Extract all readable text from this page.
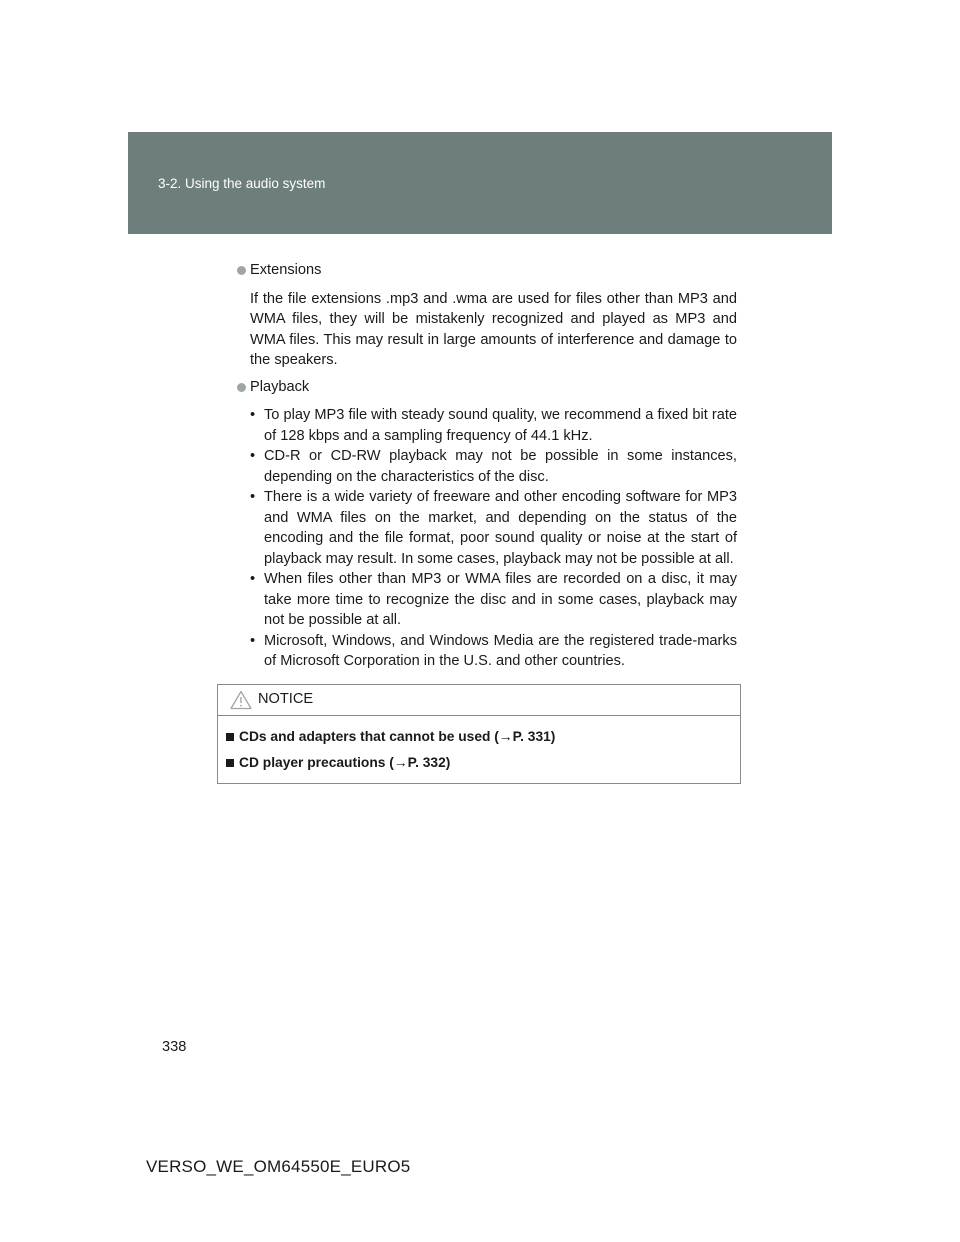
3-2. Using the audio system

Extensions

If the file extensions .mp3 and .wma are used for files other than MP3 and WMA files, they will be mistakenly recognized and played as MP3 and WMA files. This may result in large amounts of interference and damage to the speakers.

Playback

• To play MP3 file with steady sound quality, we recommend a fixed bit rate of 128 kbps and a sampling frequency of 44.1 kHz.
• CD-R or CD-RW playback may not be possible in some instances, depending on the characteristics of the disc.
• There is a wide variety of freeware and other encoding software for MP3 and WMA files on the market, and depending on the status of the encoding and the file format, poor sound quality or noise at the start of playback may result. In some cases, playback may not be possible at all.
• When files other than MP3 or WMA files are recorded on a disc, it may take more time to recognize the disc and in some cases, playback may not be possible at all.
• Microsoft, Windows, and Windows Media are the registered trade-marks of Microsoft Corporation in the U.S. and other countries.
NOTICE
CDs and adapters that cannot be used (→P. 331)
CD player precautions (→P. 332)
338
VERSO_WE_OM64550E_EURO5
